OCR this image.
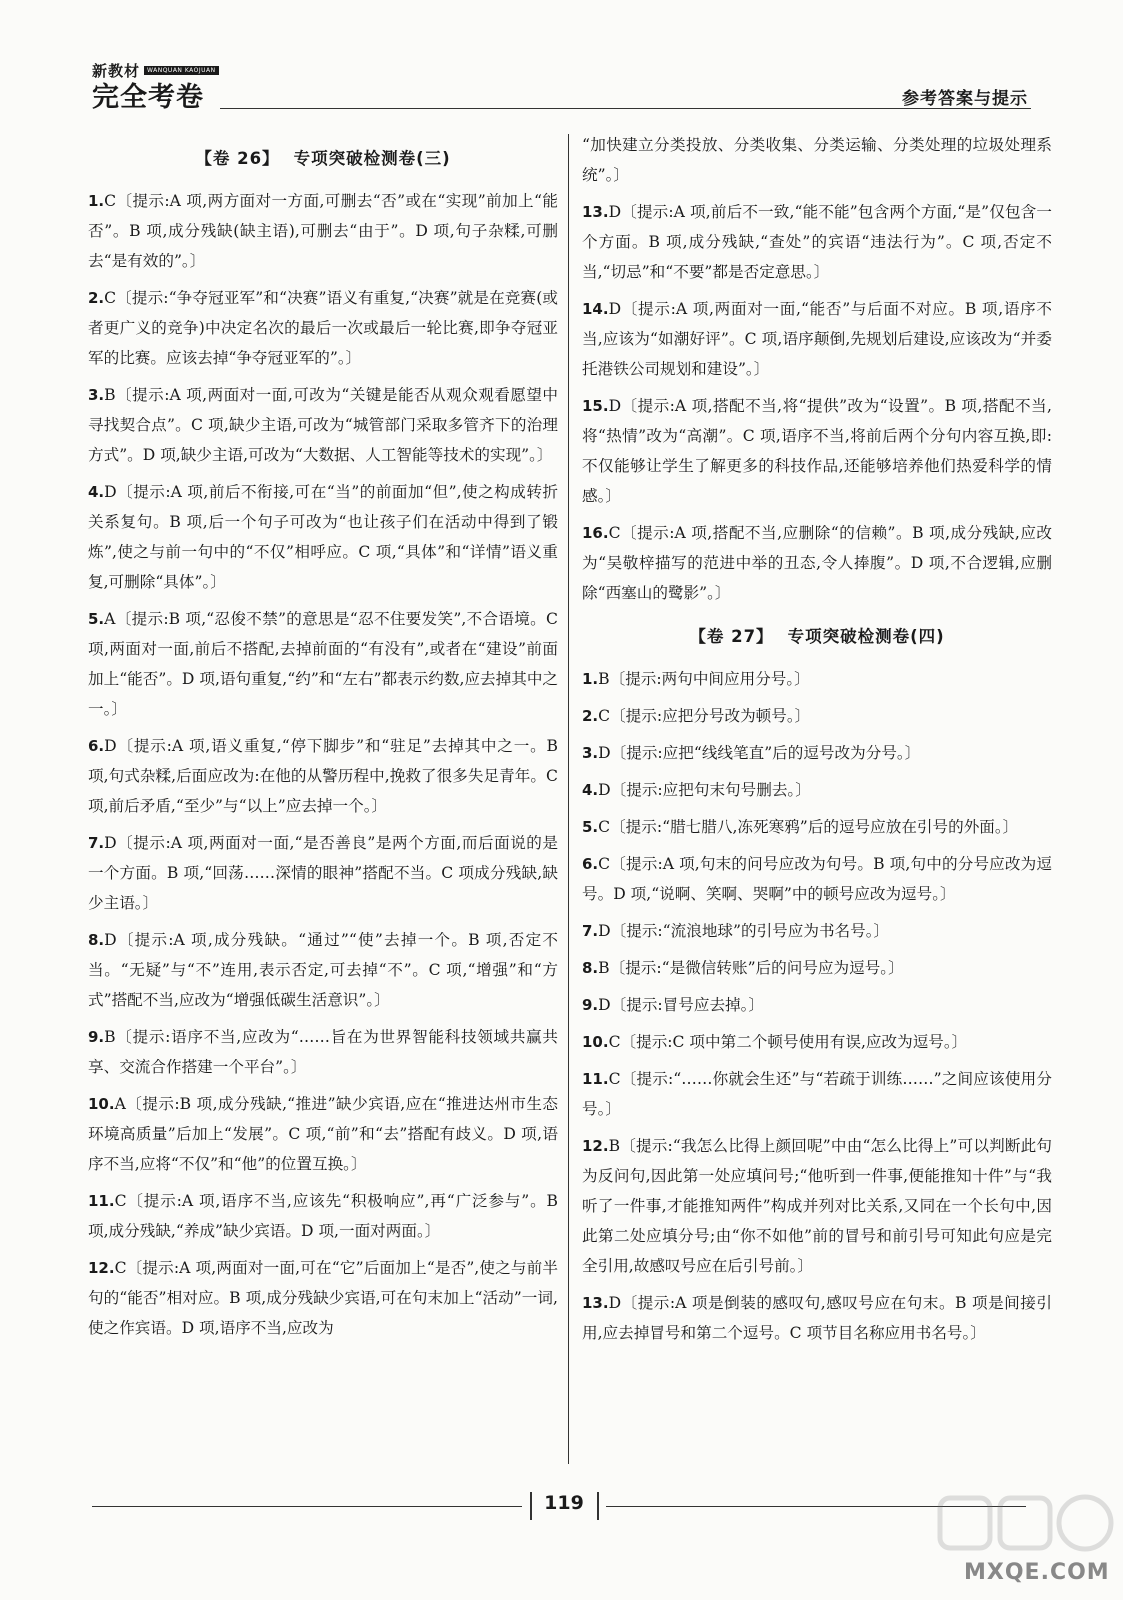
新教材	WANQUAN KAOJUAN
完全考卷	参考答案与提示
【卷 26】 专项突破检测卷(三)
1.C〔提示:A 项,两方面对一方面,可删去“否”或在“实现”前加上“能否”。B 项,成分残缺(缺主语),可删去“由于”。D 项,句子杂糅,可删去“是有效的”。〕
2.C〔提示:“争夺冠亚军”和“决赛”语义有重复,“决赛”就是在竞赛(或者更广义的竞争)中决定名次的最后一次或最后一轮比赛,即争夺冠亚军的比赛。应该去掉“争夺冠亚军的”。〕
3.B〔提示:A 项,两面对一面,可改为“关键是能否从观众观看愿望中寻找契合点”。C 项,缺少主语,可改为“城管部门采取多管齐下的治理方式”。D 项,缺少主语,可改为“大数据、人工智能等技术的实现”。〕
4.D〔提示:A 项,前后不衔接,可在“当”的前面加“但”,使之构成转折关系复句。B 项,后一个句子可改为“也让孩子们在活动中得到了锻炼”,使之与前一句中的“不仅”相呼应。C 项,“具体”和“详情”语义重复,可删除“具体”。〕
5.A〔提示:B 项,“忍俊不禁”的意思是“忍不住要发笑”,不合语境。C 项,两面对一面,前后不搭配,去掉前面的“有没有”,或者在“建设”前面加上“能否”。D 项,语句重复,“约”和“左右”都表示约数,应去掉其中之一。〕
6.D〔提示:A 项,语义重复,“停下脚步”和“驻足”去掉其中之一。B 项,句式杂糅,后面应改为:在他的从警历程中,挽救了很多失足青年。C 项,前后矛盾,“至少”与“以上”应去掉一个。〕
7.D〔提示:A 项,两面对一面,“是否善良”是两个方面,而后面说的是一个方面。B 项,“回荡……深情的眼神”搭配不当。C 项成分残缺,缺少主语。〕
8.D〔提示:A 项,成分残缺。“通过”“使”去掉一个。B 项,否定不当。“无疑”与“不”连用,表示否定,可去掉“不”。C 项,“增强”和“方式”搭配不当,应改为“增强低碳生活意识”。〕
9.B〔提示:语序不当,应改为“……旨在为世界智能科技领域共赢共享、交流合作搭建一个平台”。〕
10.A〔提示:B 项,成分残缺,“推进”缺少宾语,应在“推进达州市生态环境高质量”后加上“发展”。C 项,“前”和“去”搭配有歧义。D 项,语序不当,应将“不仅”和“他”的位置互换。〕
11.C〔提示:A 项,语序不当,应该先“积极响应”,再“广泛参与”。B 项,成分残缺,“养成”缺少宾语。D 项,一面对两面。〕
12.C〔提示:A 项,两面对一面,可在“它”后面加上“是否”,使之与前半句的“能否”相对应。B 项,成分残缺少宾语,可在句末加上“活动”一词,使之作宾语。D 项,语序不当,应改为
“加快建立分类投放、分类收集、分类运输、分类处理的垃圾处理系统”。〕
13.D〔提示:A 项,前后不一致,“能不能”包含两个方面,“是”仅包含一个方面。B 项,成分残缺,“查处”的宾语“违法行为”。C 项,否定不当,“切忌”和“不要”都是否定意思。〕
14.D〔提示:A 项,两面对一面,“能否”与后面不对应。B 项,语序不当,应该为“如潮好评”。C 项,语序颠倒,先规划后建设,应该改为“并委托港铁公司规划和建设”。〕
15.D〔提示:A 项,搭配不当,将“提供”改为“设置”。B 项,搭配不当,将“热情”改为“高潮”。C 项,语序不当,将前后两个分句内容互换,即:不仅能够让学生了解更多的科技作品,还能够培养他们热爱科学的情感。〕
16.C〔提示:A 项,搭配不当,应删除“的信赖”。B 项,成分残缺,应改为“吴敬梓描写的范进中举的丑态,令人捧腹”。D 项,不合逻辑,应删除“西塞山的鹭影”。〕
【卷 27】 专项突破检测卷(四)
1.B〔提示:两句中间应用分号。〕
2.C〔提示:应把分号改为顿号。〕
3.D〔提示:应把“线线笔直”后的逗号改为分号。〕
4.D〔提示:应把句末句号删去。〕
5.C〔提示:“腊七腊八,冻死寒鸦”后的逗号应放在引号的外面。〕
6.C〔提示:A 项,句末的问号应改为句号。B 项,句中的分号应改为逗号。D 项,“说啊、笑啊、哭啊”中的顿号应改为逗号。〕
7.D〔提示:“流浪地球”的引号应为书名号。〕
8.B〔提示:“是微信转账”后的问号应为逗号。〕
9.D〔提示:冒号应去掉。〕
10.C〔提示:C 项中第二个顿号使用有误,应改为逗号。〕
11.C〔提示:“……你就会生还”与“若疏于训练……”之间应该使用分号。〕
12.B〔提示:“我怎么比得上颜回呢”中由“怎么比得上”可以判断此句为反问句,因此第一处应填问号;“他听到一件事,便能推知十件”与“我听了一件事,才能推知两件”构成并列对比关系,又同在一个长句中,因此第二处应填分号;由“你不如他”前的冒号和前引号可知此句应是完全引用,故感叹号应在后引号前。〕
13.D〔提示:A 项是倒装的感叹句,感叹号应在句末。B 项是间接引用,应去掉冒号和第二个逗号。C 项节目名称应用书名号。〕
119
MXQE.COM
